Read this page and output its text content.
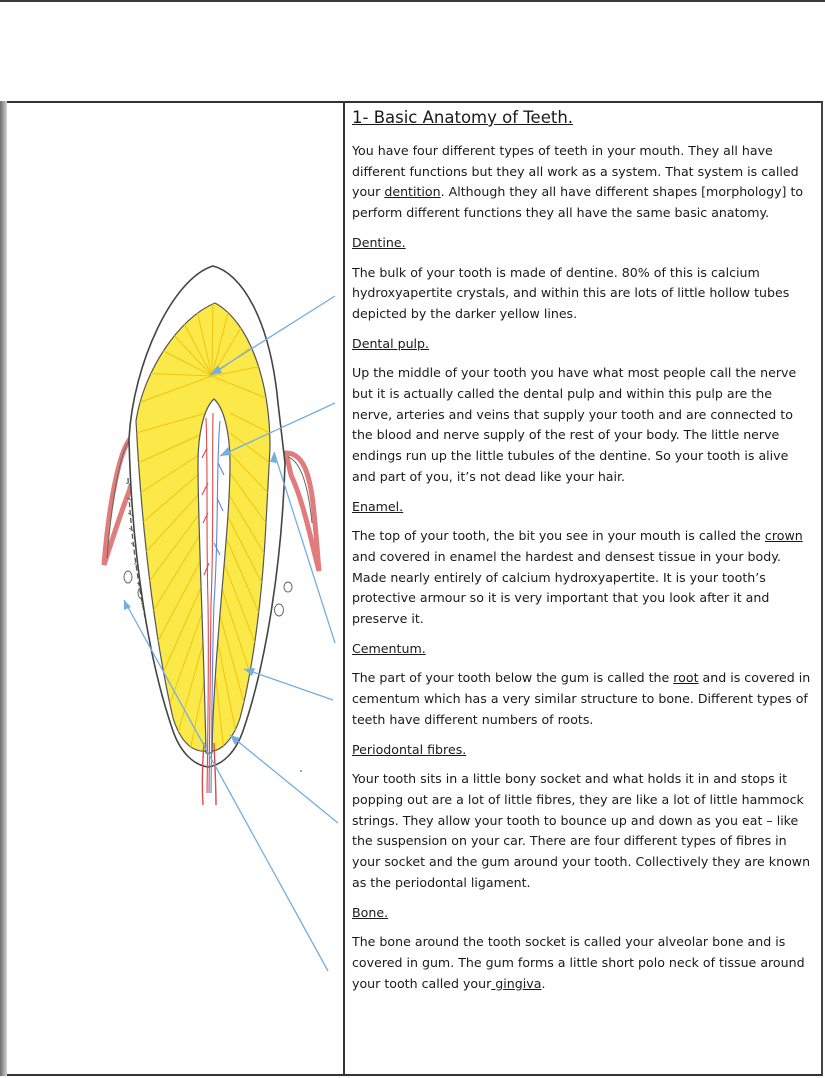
1- Basic Anatomy of Teeth.

You have four different types of teeth in your mouth. They all have different functions but they all work as a system. That system is called your dentition. Although they all have different shapes [morphology] to perform different functions they all have the same basic anatomy.

Dentine.

The bulk of your tooth is made of dentine. 80% of this is calcium hydroxyapertite crystals, and within this are lots of little hollow tubes depicted by the darker yellow lines.

Dental pulp.

Up the middle of your tooth you have what most people call the nerve but it is actually called the dental pulp and within this pulp are the nerve, arteries and veins that supply your tooth and are connected to the blood and nerve supply of the rest of your body. The little nerve endings run up the little tubules of the dentine. So your tooth is alive and part of you, it’s not dead like your hair.

Enamel.

The top of your tooth, the bit you see in your mouth is called the crown and covered in enamel the hardest and densest tissue in your body. Made nearly entirely of calcium hydroxyapertite. It is your tooth’s protective armour so it is very important that you look after it and preserve it.

Cementum.

The part of your tooth below the gum is called the root and is covered in cementum which has a very similar structure to bone. Different types of teeth have different numbers of roots.

Periodontal fibres.

Your tooth sits in a little bony socket and what holds it in and stops it popping out are a lot of little fibres, they are like a lot of little hammock strings. They allow your tooth to bounce up and down as you eat – like the suspension on your car. There are four different types of fibres in your socket and the gum around your tooth. Collectively they are known as the periodontal ligament.

Bone.

The bone around the tooth socket is called your alveolar bone and is covered in gum. The gum forms a little short polo neck of tissue around your tooth called your gingiva.
